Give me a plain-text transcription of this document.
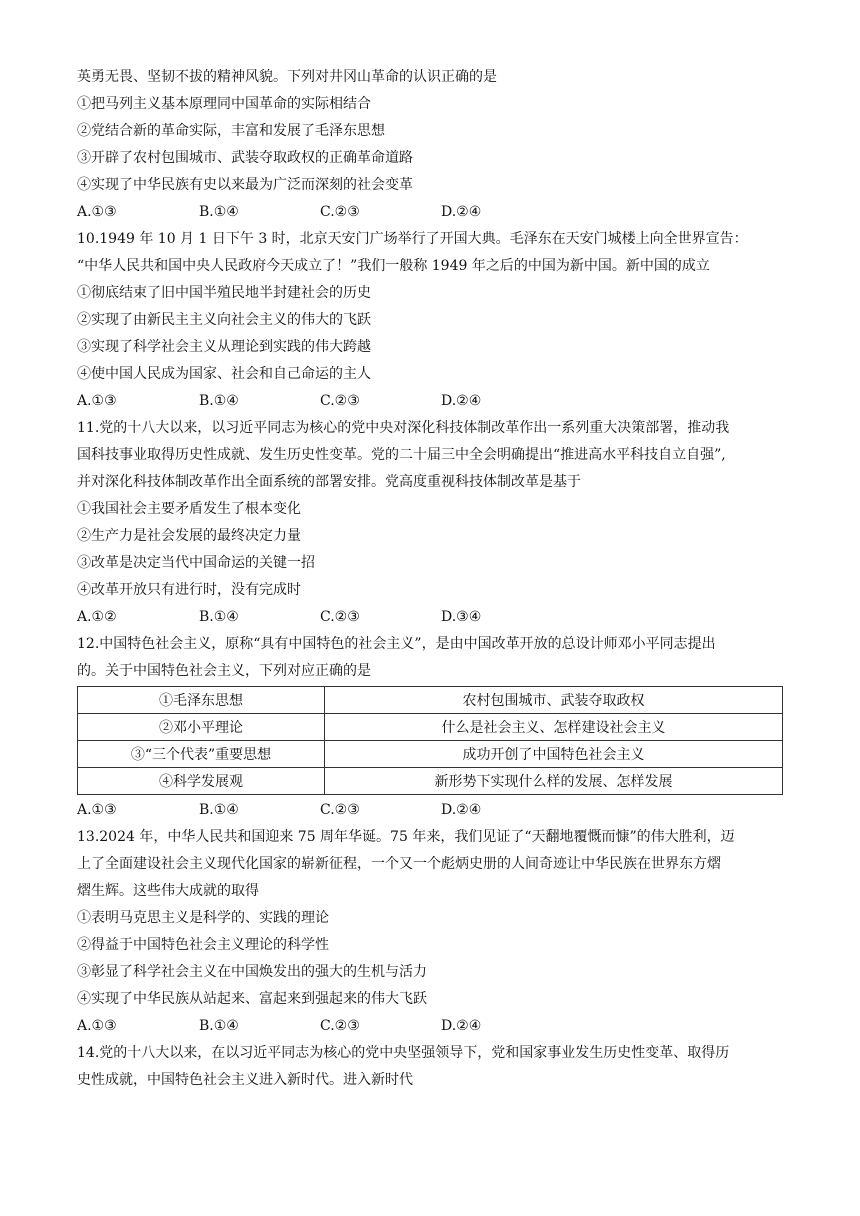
英勇无畏、坚韧不拔的精神风貌。下列对井冈山革命的认识正确的是
①把马列主义基本原理同中国革命的实际相结合
②党结合新的革命实际，丰富和发展了毛泽东思想
③开辟了农村包围城市、武装夺取政权的正确革命道路
④实现了中华民族有史以来最为广泛而深刻的社会变革
A.①③	B.①④	C.②③	D.②④
10.1949 年 10 月 1 日下午 3 时，北京天安门广场举行了开国大典。毛泽东在天安门城楼上向全世界宣告：
“中华人民共和国中央人民政府今天成立了！”我们一般称 1949 年之后的中国为新中国。新中国的成立
①彻底结束了旧中国半殖民地半封建社会的历史
②实现了由新民主主义向社会主义的伟大的飞跃
③实现了科学社会主义从理论到实践的伟大跨越
④使中国人民成为国家、社会和自己命运的主人
A.①③	B.①④	C.②③	D.②④
11.党的十八大以来，以习近平同志为核心的党中央对深化科技体制改革作出一系列重大决策部署，推动我
国科技事业取得历史性成就、发生历史性变革。党的二十届三中全会明确提出“推进高水平科技自立自强”,
并对深化科技体制改革作出全面系统的部署安排。党高度重视科技体制改革是基于
①我国社会主要矛盾发生了根本变化
②生产力是社会发展的最终决定力量
③改革是决定当代中国命运的关键一招
④改革开放只有进行时，没有完成时
A.①②	B.①④	C.②③	D.③④
12.中国特色社会主义，原称“具有中国特色的社会主义”，是由中国改革开放的总设计师邓小平同志提出
的。关于中国特色社会主义，下列对应正确的是
①毛泽东思想	农村包围城市、武装夺取政权
②邓小平理论	什么是社会主义、怎样建设社会主义
③“三个代表”重要思想	成功开创了中国特色社会主义
④科学发展观	新形势下实现什么样的发展、怎样发展
A.①③	B.①④	C.②③	D.②④
13.2024 年，中华人民共和国迎来 75 周年华诞。75 年来，我们见证了“天翻地覆慨而慷”的伟大胜利，迈
上了全面建设社会主义现代化国家的崭新征程，一个又一个彪炳史册的人间奇迹让中华民族在世界东方熠
熠生辉。这些伟大成就的取得
①表明马克思主义是科学的、实践的理论
②得益于中国特色社会主义理论的科学性
③彰显了科学社会主义在中国焕发出的强大的生机与活力
④实现了中华民族从站起来、富起来到强起来的伟大飞跃
A.①③	B.①④	C.②③	D.②④
14.党的十八大以来，在以习近平同志为核心的党中央坚强领导下，党和国家事业发生历史性变革、取得历
史性成就，中国特色社会主义进入新时代。进入新时代
